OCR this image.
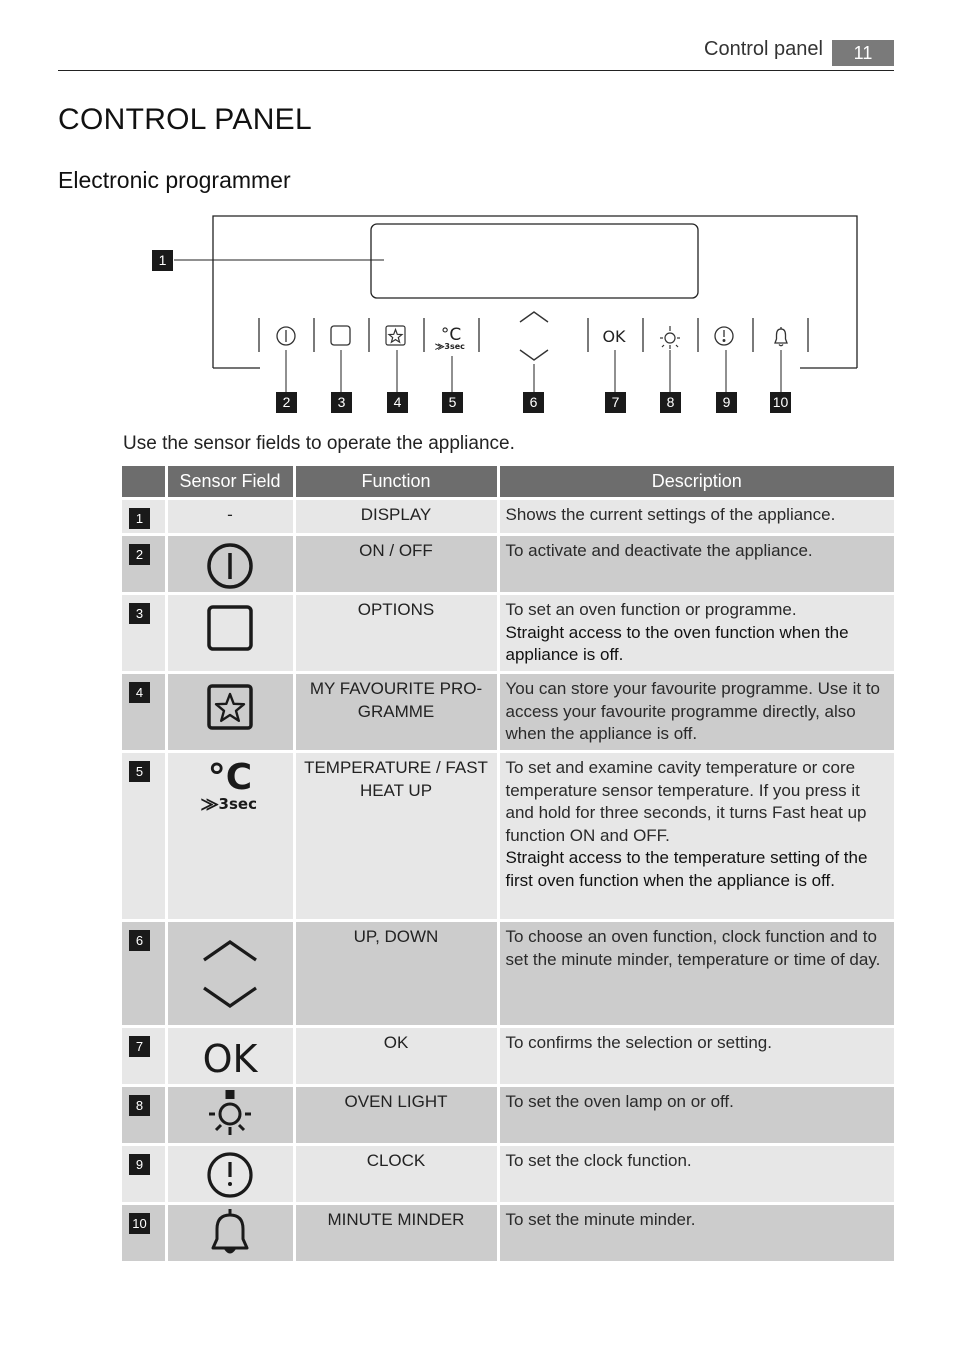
Control panel	11
CONTROL PANEL
Electronic programmer
°C
⨠3sec
OK
1
2	3	4	5	6	7	8	9	10
Use the sensor fields to operate the appliance.
	Sensor Field	Function	Description

1	-	DISPLAY	Shows the current settings of the appliance.

2		ON / OFF	To activate and deactivate the appliance.

3		OPTIONS	To set an oven function or programme.
Straight access to the oven function when the appliance is off.

4		MY FAVOURITE PRO-GRAMME	You can store your favourite programme. Use it to access your favourite programme directly, also when the appliance is off.

5	°C
⨠3sec	TEMPERATURE / FAST HEAT UP	To set and examine cavity temperature or core temperature sensor temperature. If you press it and hold for three seconds, it turns Fast heat up function ON and OFF.
Straight access to the temperature setting of the first oven function when the appliance is off.

6		UP, DOWN	To choose an oven function, clock function and to set the minute minder, temperature or time of day.

7	OK	OK	To confirms the selection or setting.

8		OVEN LIGHT	To set the oven lamp on or off.

9		CLOCK	To set the clock function.

10		MINUTE MINDER	To set the minute minder.
